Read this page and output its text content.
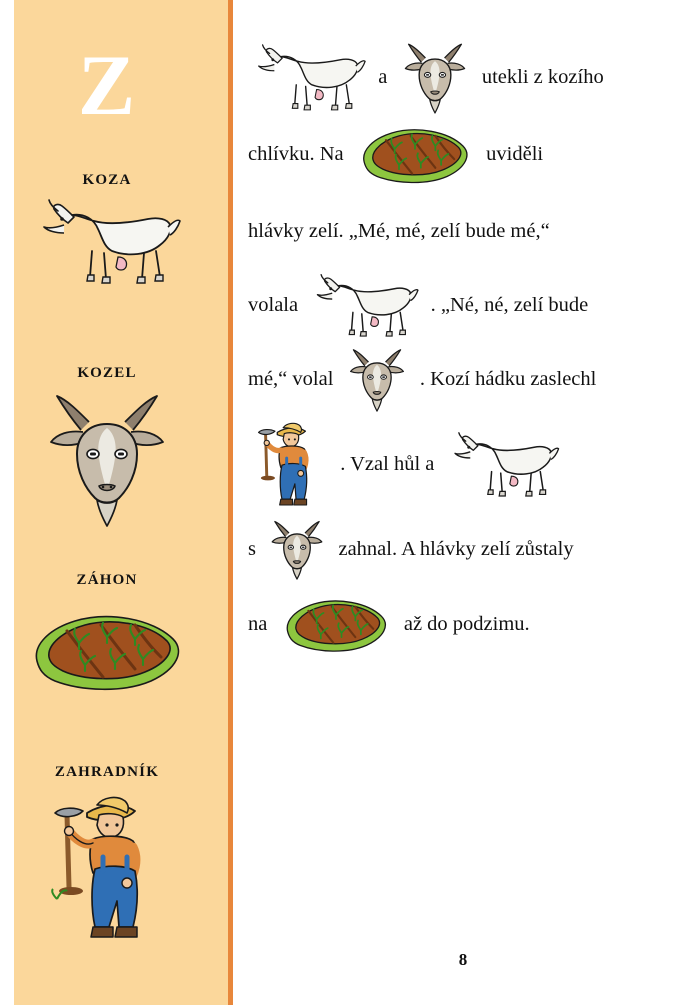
Z
KOZA
KOZEL
ZÁHON
ZAHRADNÍK
a	utekli z kozího
chlívku. Na	uviděli
hlávky zelí. „Mé, mé, zelí bude mé,“
volala	. „Né, né, zelí bude
mé,“ volal	. Kozí hádku zaslechl
. Vzal hůl a
s	zahnal. A hlávky zelí zůstaly
na	až do podzimu.
8
